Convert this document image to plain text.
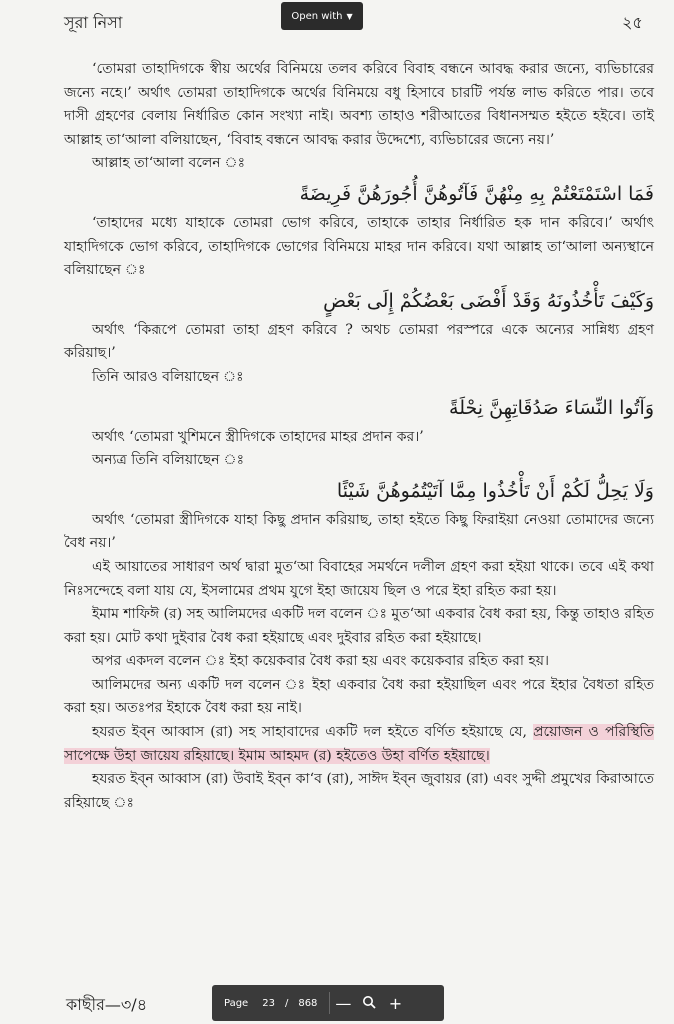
সূরা নিসা	২৫
Open with ▼

‘তোমরা তাহাদিগকে স্বীয় অর্থের বিনিময়ে তলব করিবে বিবাহ বন্ধনে আবদ্ধ করার জন্যে, ব্যভিচারের জন্যে নহে।’ অর্থাৎ তোমরা তাহাদিগকে অর্থের বিনিময়ে বধু হিসাবে চারটি পর্যন্ত লাভ করিতে পার। তবে দাসী গ্রহণের বেলায় নির্ধারিত কোন সংখ্যা নাই। অবশ্য তাহাও শরীআতের বিধানসম্মত হইতে হইবে। তাই আল্লাহ তা‘আলা বলিয়াছেন, ‘বিবাহ বন্ধনে আবদ্ধ করার উদ্দেশ্যে, ব্যভিচারের জন্যে নয়।’

আল্লাহ তা‘আলা বলেন ঃ

فَمَا اسْتَمْتَعْتُمْ بِهِ مِنْهُنَّ فَآتُوهُنَّ أُجُورَهُنَّ فَرِيضَةً

‘তাহাদের মধ্যে যাহাকে তোমরা ভোগ করিবে, তাহাকে তাহার নির্ধারিত হক দান করিবে।’ অর্থাৎ যাহাদিগকে ভোগ করিবে, তাহাদিগকে ভোগের বিনিময়ে মাহর দান করিবে। যথা আল্লাহ তা‘আলা অন্যস্থানে বলিয়াছেন ঃ

وَكَيْفَ تَأْخُذُونَهُ وَقَدْ أَفْضَى بَعْضُكُمْ إِلَى بَعْضٍ

অর্থাৎ ‘কিরূপে তোমরা তাহা গ্রহণ করিবে ? অথচ তোমরা পরস্পরে একে অন্যের সান্নিধ্য গ্রহণ করিয়াছ।’

তিনি আরও বলিয়াছেন ঃ

وَآتُوا النِّسَاءَ صَدُقَاتِهِنَّ نِحْلَةً

অর্থাৎ ‘তোমরা খুশিমনে স্ত্রীদিগকে তাহাদের মাহর প্রদান কর।’

অন্যত্র তিনি বলিয়াছেন ঃ

وَلَا يَحِلُّ لَكُمْ أَنْ تَأْخُذُوا مِمَّا آتَيْتُمُوهُنَّ شَيْئًا

অর্থাৎ ‘তোমরা স্ত্রীদিগকে যাহা কিছু প্রদান করিয়াছ, তাহা হইতে কিছু ফিরাইয়া নেওয়া তোমাদের জন্যে বৈধ নয়।’

এই আয়াতের সাধারণ অর্থ দ্বারা মুত‘আ বিবাহের সমর্থনে দলীল গ্রহণ করা হইয়া থাকে। তবে এই কথা নিঃসন্দেহে বলা যায় যে, ইসলামের প্রথম যুগে ইহা জায়েয ছিল ও পরে ইহা রহিত করা হয়।

ইমাম শাফিঈ (র) সহ আলিমদের একটি দল বলেন ঃ মুত‘আ একবার বৈধ করা হয়, কিন্তু তাহাও রহিত করা হয়। মোট কথা দুইবার বৈধ করা হইয়াছে এবং দুইবার রহিত করা হইয়াছে।

অপর একদল বলেন ঃ ইহা কয়েকবার বৈধ করা হয় এবং কয়েকবার রহিত করা হয়।

আলিমদের অন্য একটি দল বলেন ঃ ইহা একবার বৈধ করা হইয়াছিল এবং পরে ইহার বৈধতা রহিত করা হয়। অতঃপর ইহাকে বৈধ করা হয় নাই।

হযরত ইব্‌ন আব্বাস (রা) সহ সাহাবাদের একটি দল হইতে বর্ণিত হইয়াছে যে, প্রয়োজন ও পরিস্থিতি সাপেক্ষে উহা জায়েয রহিয়াছে। ইমাম আহমদ (র) হইতেও উহা বর্ণিত হইয়াছে।

হযরত ইব্‌ন আব্বাস (রা) উবাই ইব্‌ন কা‘ব (রা), সাঈদ ইব্‌ন জুবায়র (রা) এবং সুদ্দী প্রমুখের কিরাআতে রহিয়াছে ঃ

কাছীর—৩/৪	Page 23 / 868	—	+
